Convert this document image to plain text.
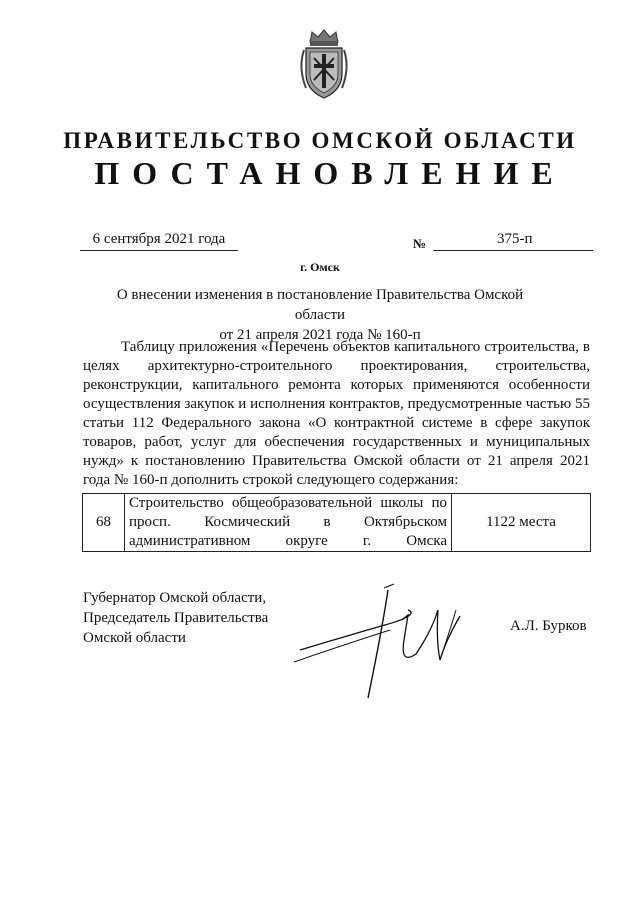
ПРАВИТЕЛЬСТВО ОМСКОЙ ОБЛАСТИ
ПОСТАНОВЛЕНИЕ
6 сентября 2021 года	№	375-п
г. Омск
О внесении изменения в постановление Правительства Омской области
от 21 апреля 2021 года № 160-п
Таблицу приложения «Перечень объектов капитального строительства, в целях архитектурно-строительного проектирования, строительства, реконструкции, капитального ремонта которых применяются особенности осуществления закупок и исполнения контрактов, предусмотренные частью 55 статьи 112 Федерального закона «О контрактной системе в сфере закупок товаров, работ, услуг для обеспечения государственных и муниципальных нужд» к постановлению Правительства Омской области от 21 апреля 2021 года № 160-п дополнить строкой следующего содержания:
68	Строительство общеобразовательной школы по просп. Космический в Октябрьском административном округе г. Омска	1122 места
Губернатор Омской области,
Председатель Правительства
Омской области
А.Л. Бурков
